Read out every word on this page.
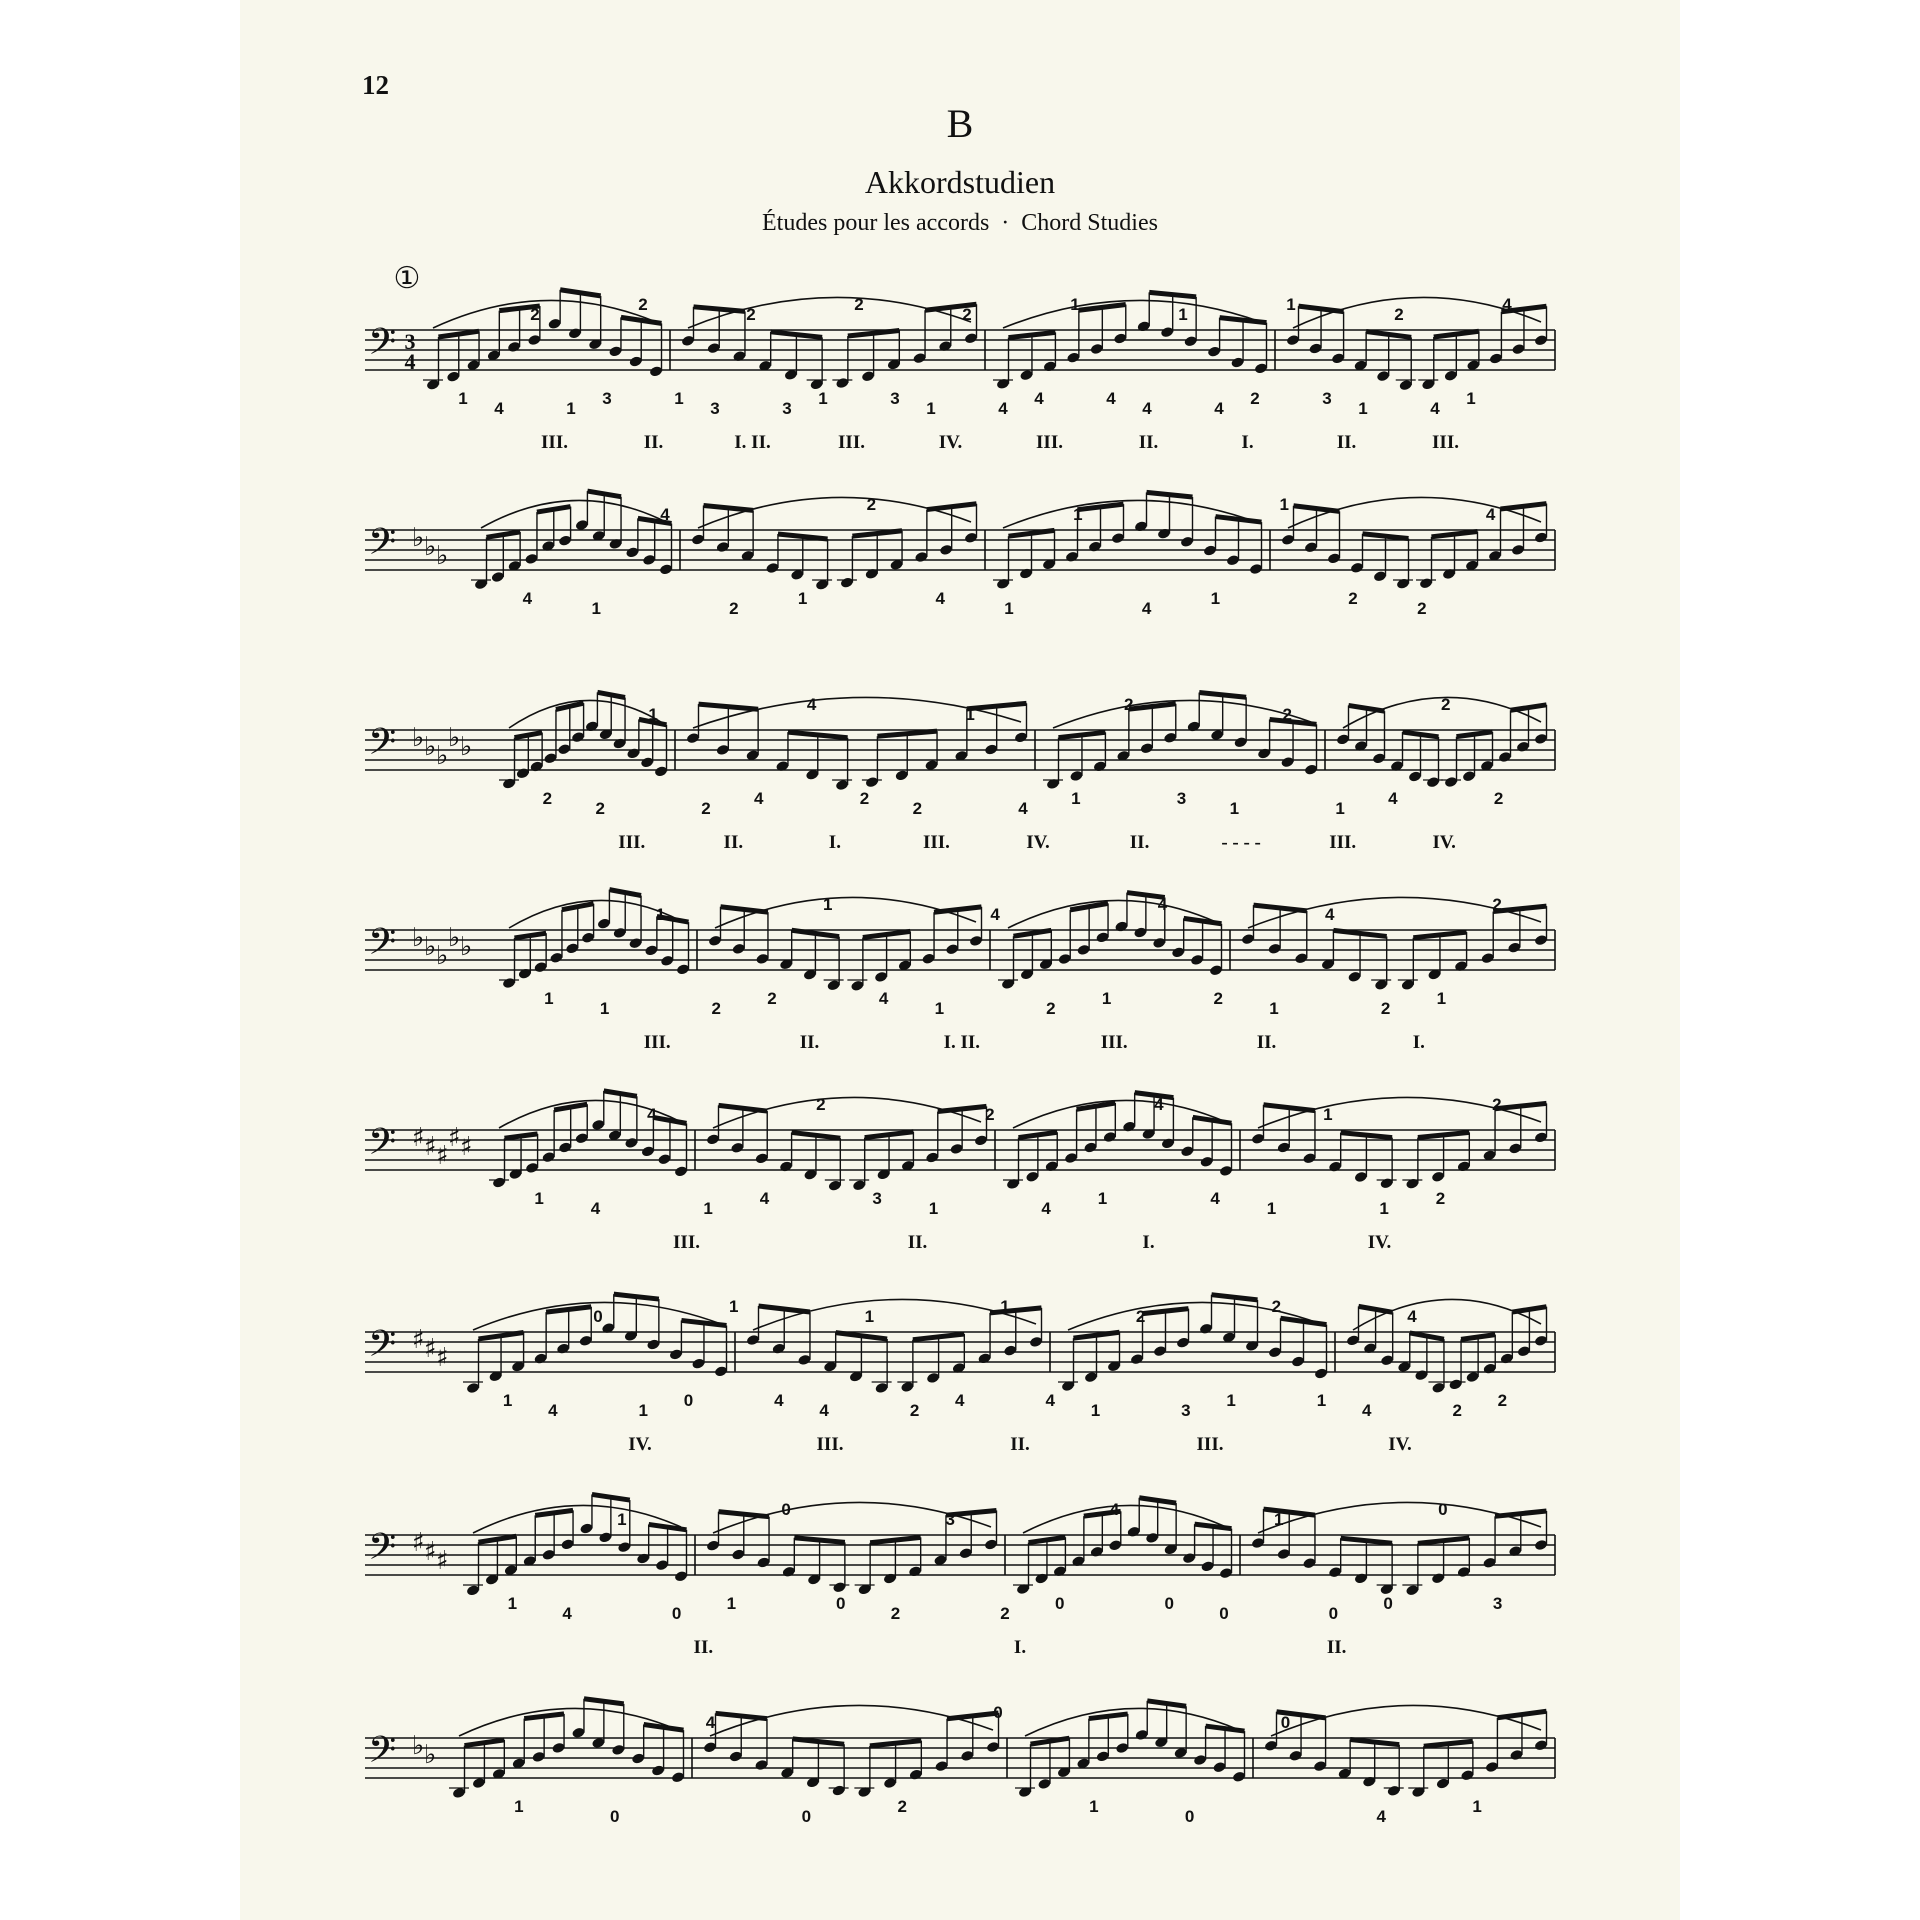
12
B
Akkordstudien
Études pour les accords · Chord Studies
𝄢 3
4
①
1
4
2
1
3
2
1
3
2
3
1
2
3
1
2
4
4
1
4
4
1
4
2
1
3
1
2
4
1
4
III.	II.	I. II.	III.	IV.	III.	II.	I.	II.	III.
𝄢 ♭ ♭ ♭
4
1
4
2
1
2
4
1
1
4
1
1
2
2
4
𝄢 ♭ ♭ ♭
♭ ♭
2
2
1
2
4
4
2
2
1
4
1
2
3
1
2
1
4
2
2
III.	II.	I.	III.	IV.	II.	- - - -	III.	IV.
𝄢 ♭ ♭ ♭
♭ ♭
1
1
1
2
2
1
4
1
4
2
1
4
2
1
4
2
1
2
III.	II.	I. II.	III.	II.	I.
𝄢 ♯ ♯ ♯
♯ ♯
1
4
4
1
4
2
3
1
2
4
1
4
4
1
1
1
2
2
III.	II.	I.	IV.
𝄢 ♯ ♯ ♯
1
4
0
1
0
1
4
4
1
2
4
1
4
1
2
3
1
2
1
4
4
2
2
IV.	III.	II.	III.	IV.
𝄢 ♯ ♯ ♯
1
4
1
0
1
0
0
2
3
2
0
4
0
0
1
0
0
0
3
II.	I.	II.
𝄢 ♭ ♭
1
0
4
0
2
0
1
0
0
4
1
